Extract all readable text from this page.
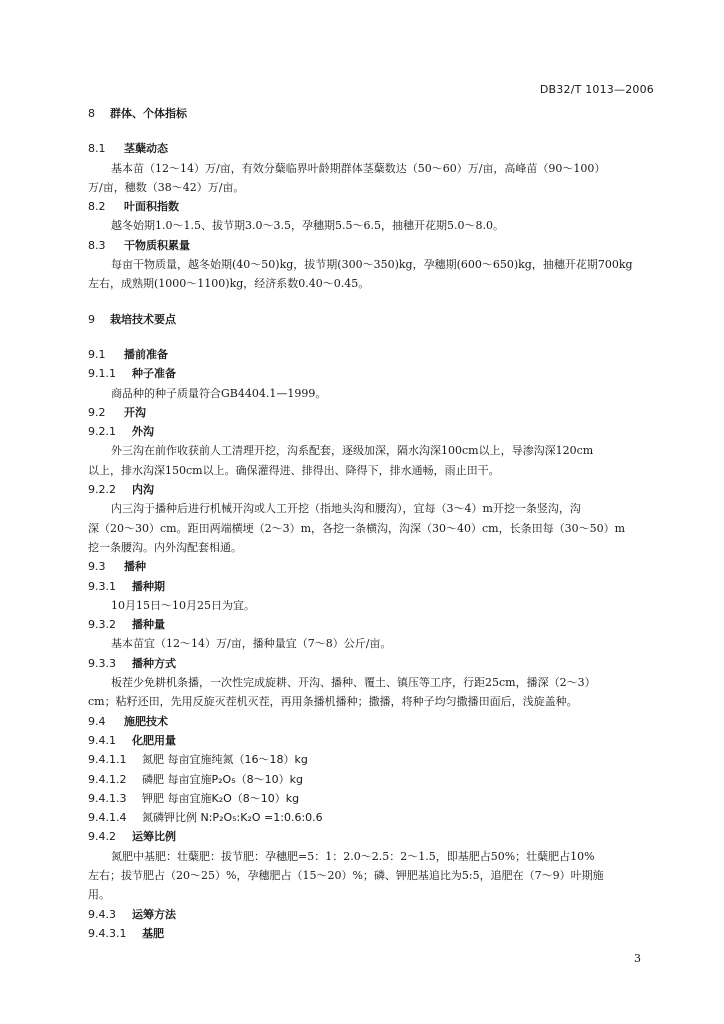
DB32/T 1013—2006
8 群体、个体指标
8.1 茎蘖动态
基本苗（12～14）万/亩，有效分蘖临界叶龄期群体茎蘖数达（50～60）万/亩，高峰苗（90～100）
万/亩，穗数（38～42）万/亩。
8.2 叶面积指数
越冬始期1.0～1.5、拔节期3.0～3.5，孕穗期5.5～6.5，抽穗开花期5.0～8.0。
8.3 干物质积累量
每亩干物质量，越冬始期(40～50)kg，拔节期(300～350)kg，孕穗期(600～650)kg，抽穗开花期700kg
左右，成熟期(1000～1100)kg，经济系数0.40～0.45。
9 栽培技术要点
9.1 播前准备
9.1.1 种子准备
商品种的种子质量符合GB4404.1—1999。
9.2 开沟
9.2.1 外沟
外三沟在前作收获前人工清理开挖，沟系配套，逐级加深，隔水沟深100cm以上，导渗沟深120cm
以上，排水沟深150cm以上。确保灌得进、排得出、降得下，排水通畅，雨止田干。
9.2.2 内沟
内三沟于播种后进行机械开沟或人工开挖（指地头沟和腰沟），宜每（3～4）m开挖一条竖沟，沟
深（20～30）cm。距田两端横埂（2～3）m，各挖一条横沟，沟深（30～40）cm，长条田每（30～50）m
挖一条腰沟。内外沟配套相通。
9.3 播种
9.3.1 播种期
10月15日～10月25日为宜。
9.3.2 播种量
基本苗宜（12～14）万/亩，播种量宜（7～8）公斤/亩。
9.3.3 播种方式
板茬少免耕机条播，一次性完成旋耕、开沟、播种、覆土、镇压等工序，行距25cm，播深（2～3）
cm；粘籽还田，先用反旋灭茬机灭茬，再用条播机播种；撒播，将种子均匀撒播田面后，浅旋盖种。
9.4 施肥技术
9.4.1 化肥用量
9.4.1.1 氮肥 每亩宜施纯氮（16～18）kg
9.4.1.2 磷肥 每亩宜施P₂O₅（8～10）kg
9.4.1.3 钾肥 每亩宜施K₂O（8～10）kg
9.4.1.4 氮磷钾比例 N:P₂O₅:K₂O =1:0.6:0.6
9.4.2 运筹比例
氮肥中基肥：壮蘖肥：拔节肥：孕穗肥=5：1：2.0～2.5：2～1.5，即基肥占50%；壮蘖肥占10%
左右；拔节肥占（20～25）%，孕穗肥占（15～20）%；磷、钾肥基追比为5:5，追肥在（7～9）叶期施
用。
9.4.3 运筹方法
9.4.3.1 基肥
3
